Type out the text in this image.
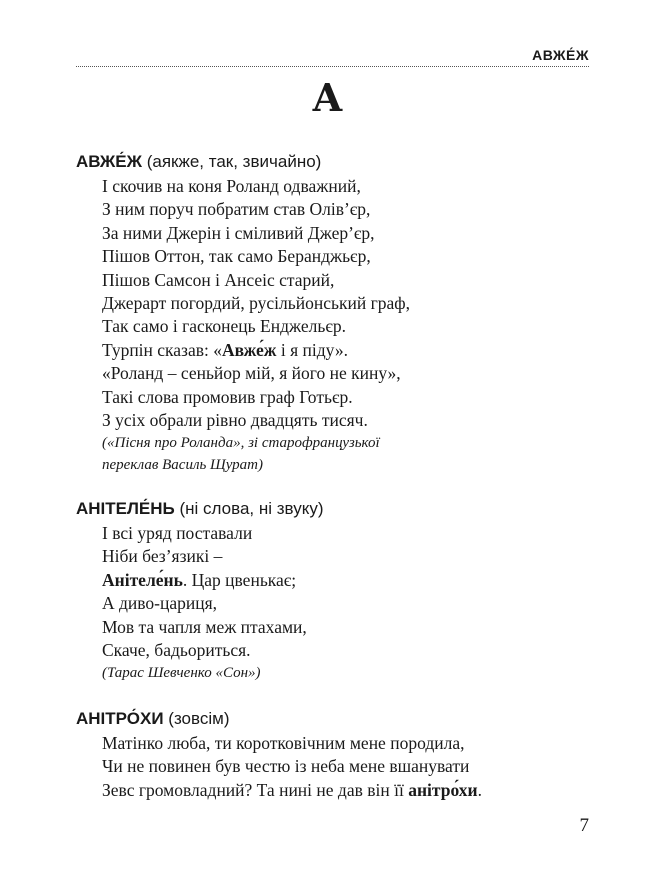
АВЖЕ́Ж
А
АВЖЕ́Ж (аякже, так, звичайно)
І скочив на коня Роланд одважний,
З ним поруч побратим став Олів’єр,
За ними Джерін і сміливий Джер’єр,
Пішов Оттон, так само Беранджьєр,
Пішов Самсон і Ансеіс старий,
Джерарт погордий, русільйонський граф,
Так само і гасконець Енджельєр.
Турпін сказав: «Авже́ж і я піду».
«Роланд – сеньйор мій, я його не кину»,
Такі слова промовив граф Готьєр.
З усіх обрали рівно двадцять тисяч.
(«Пісня про Роланда», зі старофранцузької
переклав Василь Щурат)
АНІТЕЛЕ́НЬ (ні слова, ні звуку)
І всі уряд поставали
Ніби без’язикі –
Анітеле́нь. Цар цвенькає;
А диво-цариця,
Мов та чапля меж птахами,
Скаче, бадьориться.
(Тарас Шевченко «Сон»)
АНІТРО́ХИ (зовсім)
Матінко люба, ти коротковічним мене породила,
Чи не повинен був честю із неба мене вшанувати
Зевс громовладний? Та нині не дав він її анітро́хи.
7
